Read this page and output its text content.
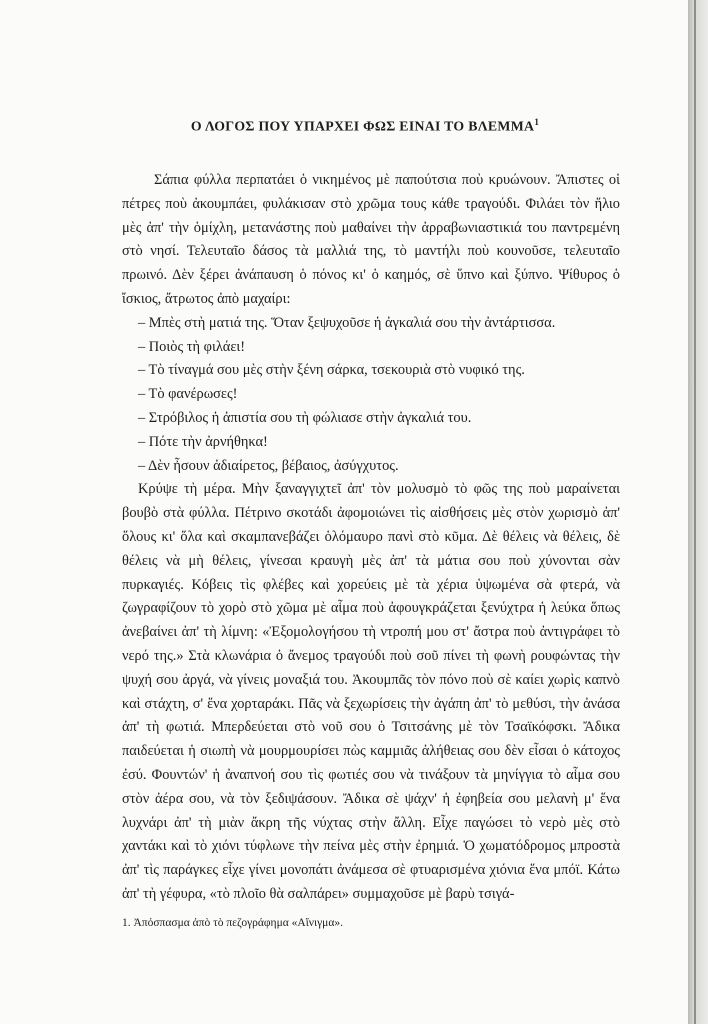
Ο ΛΟΓΟΣ ΠΟΥ ΥΠΑΡΧΕΙ ΦΩΣ ΕΙΝΑΙ ΤΟ ΒΛΕΜΜΑ$^1$

Σάπια φύλλα περπατάει ὁ νικημένος μὲ παπούτσια ποὺ κρυώνουν. Ἄπιστες οἱ πέτρες ποὺ ἀκουμπάει, φυλάκισαν στὸ χρῶμα τους κάθε τραγούδι. Φιλάει τὸν ἥλιο μὲς ἀπ' τὴν ὁμίχλη, μετανάστης ποὺ μαθαίνει τὴν ἀρραβωνιαστικιά του παντρεμένη στὸ νησί. Τελευταῖο δάσος τὰ μαλλιά της, τὸ μαντήλι ποὺ κουνοῦσε, τελευταῖο πρωινό. Δὲν ξέρει ἀνάπαυση ὁ πόνος κι' ὁ καημός, σὲ ὕπνο καὶ ξύπνο. Ψίθυρος ὁ ἴσκιος, ἄτρωτος ἀπὸ μαχαίρι:

– Μπὲς στὴ ματιά της. Ὅταν ξεψυχοῦσε ἡ ἀγκαλιά σου τὴν ἀντάρτισσα.

– Ποιὸς τὴ φιλάει!

– Τὸ τίναγμά σου μὲς στὴν ξένη σάρκα, τσεκουριὰ στὸ νυφικό της.

– Τὸ φανέρωσες!

– Στρόβιλος ἡ ἀπιστία σου τὴ φώλιασε στὴν ἀγκαλιά του.

– Πότε τὴν ἀρνήθηκα!

– Δὲν ἦσουν ἀδιαίρετος, βέβαιος, ἀσύγχυτος.

Κρύψε τὴ μέρα. Μὴν ξαναγγιχτεῖ ἀπ' τὸν μολυσμὸ τὸ φῶς της ποὺ μαραίνεται βουβὸ στὰ φύλλα. Πέτρινο σκοτάδι ἀφομοιώνει τὶς αἰσθήσεις μὲς στὸν χωρισμὸ ἀπ' ὅλους κι' ὅλα καὶ σκαμπανεβάζει ὁλόμαυρο πανὶ στὸ κῦμα. Δὲ θέλεις νὰ θέλεις, δὲ θέλεις νὰ μὴ θέλεις, γίνεσαι κραυγὴ μὲς ἀπ' τὰ μάτια σου ποὺ χύνονται σὰν πυρκαγιές. Κόβεις τὶς φλέβες καὶ χορεύεις μὲ τὰ χέρια ὑψωμένα σὰ φτερά, νὰ ζωγραφίζουν τὸ χορὸ στὸ χῶμα μὲ αἷμα ποὺ ἀφουγκράζεται ξενύχτρα ἡ λεύκα ὅπως ἀνεβαίνει ἀπ' τὴ λίμνη: «Ἐξομολογήσου τὴ ντροπή μου στ' ἄστρα ποὺ ἀντιγράφει τὸ νερό της.» Στὰ κλωνάρια ὁ ἄνεμος τραγούδι ποὺ σοῦ πίνει τὴ φωνὴ ρουφώντας τὴν ψυχή σου ἀργά, νὰ γίνεις μοναξιά του. Ἀκουμπᾶς τὸν πόνο ποὺ σὲ καίει χωρὶς καπνὸ καὶ στάχτη, σ' ἕνα χορταράκι. Πᾶς νὰ ξεχωρίσεις τὴν ἀγάπη ἀπ' τὸ μεθύσι, τὴν ἀνάσα ἀπ' τὴ φωτιά. Μπερδεύεται στὸ νοῦ σου ὁ Τσιτσάνης μὲ τὸν Τσαϊκόφσκι. Ἄδικα παιδεύεται ἡ σιωπὴ νὰ μουρμουρίσει πὼς καμμιᾶς ἀλήθειας σου δὲν εἶσαι ὁ κάτοχος ἐσύ. Φουντών' ἡ ἀναπνοή σου τὶς φωτιές σου νὰ τινάξουν τὰ μηνίγγια τὸ αἷμα σου στὸν ἀέρα σου, νὰ τὸν ξεδιψάσουν. Ἄδικα σὲ ψάχν' ἡ ἐφηβεία σου μελανὴ μ' ἕνα λυχνάρι ἀπ' τὴ μιὰν ἄκρη τῆς νύχτας στὴν ἄλλη. Εἶχε παγώσει τὸ νερὸ μὲς στὸ χαντάκι καὶ τὸ χιόνι τύφλωνε τὴν πείνα μὲς στὴν ἐρημιά. Ὁ χωματόδρομος μπροστὰ ἀπ' τὶς παράγκες εἶχε γίνει μονοπάτι ἀνάμεσα σὲ φτυαρισμένα χιόνια ἕνα μπόϊ. Κάτω ἀπ' τὴ γέφυρα, «τὸ πλοῖο θὰ σαλπάρει» συμμαχοῦσε μὲ βαρὺ τσιγά-

1. Ἀπόσπασμα ἀπὸ τὸ πεζογράφημα «Αἴνιγμα».
